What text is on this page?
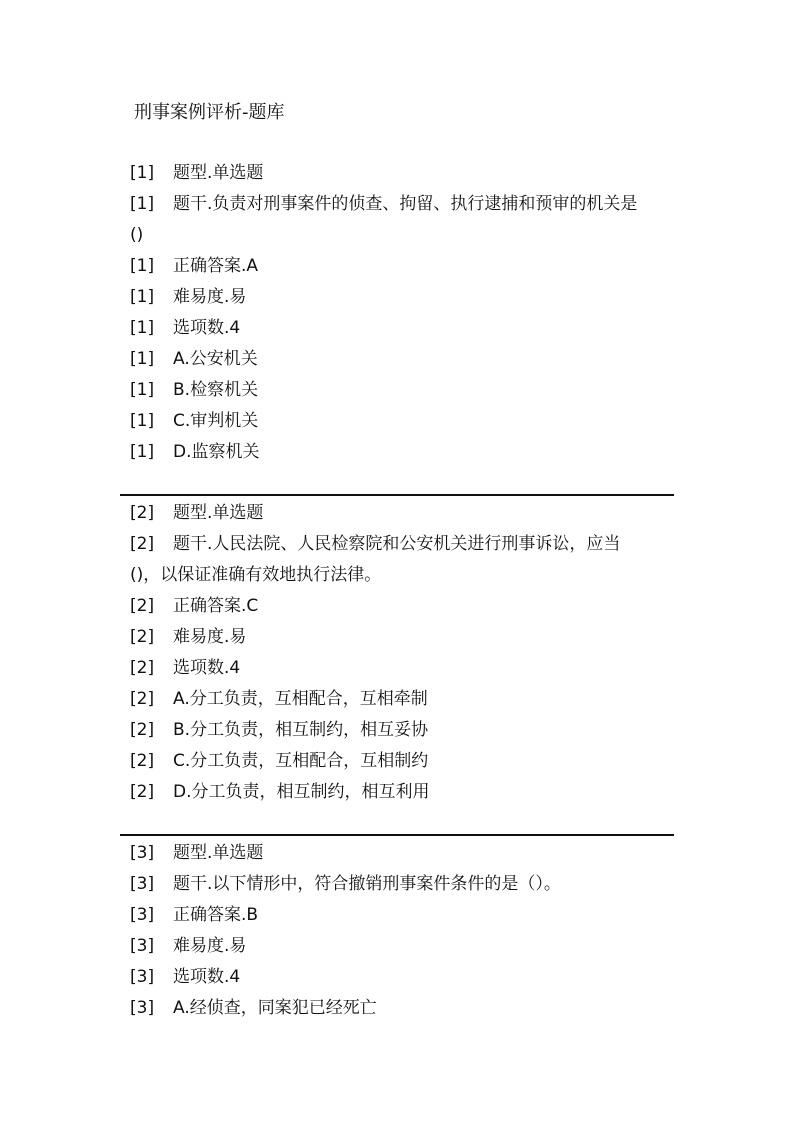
刑事案例评析-题库
[1]	题型.单选题
[1]	题干.负责对刑事案件的侦查、拘留、执行逮捕和预审的机关是
()
[1]	正确答案.A
[1]	难易度.易
[1]	选项数.4
[1]	A.公安机关
[1]	B.检察机关
[1]	C.审判机关
[1]	D.监察机关
[2]	题型.单选题
[2]	题干.人民法院、人民检察院和公安机关进行刑事诉讼，应当
()，以保证准确有效地执行法律。
[2]	正确答案.C
[2]	难易度.易
[2]	选项数.4
[2]	A.分工负责，互相配合，互相牵制
[2]	B.分工负责，相互制约，相互妥协
[2]	C.分工负责，互相配合，互相制约
[2]	D.分工负责，相互制约，相互利用
[3]	题型.单选题
[3]	题干.以下情形中，符合撤销刑事案件条件的是（）。
[3]	正确答案.B
[3]	难易度.易
[3]	选项数.4
[3]	A.经侦查，同案犯已经死亡
